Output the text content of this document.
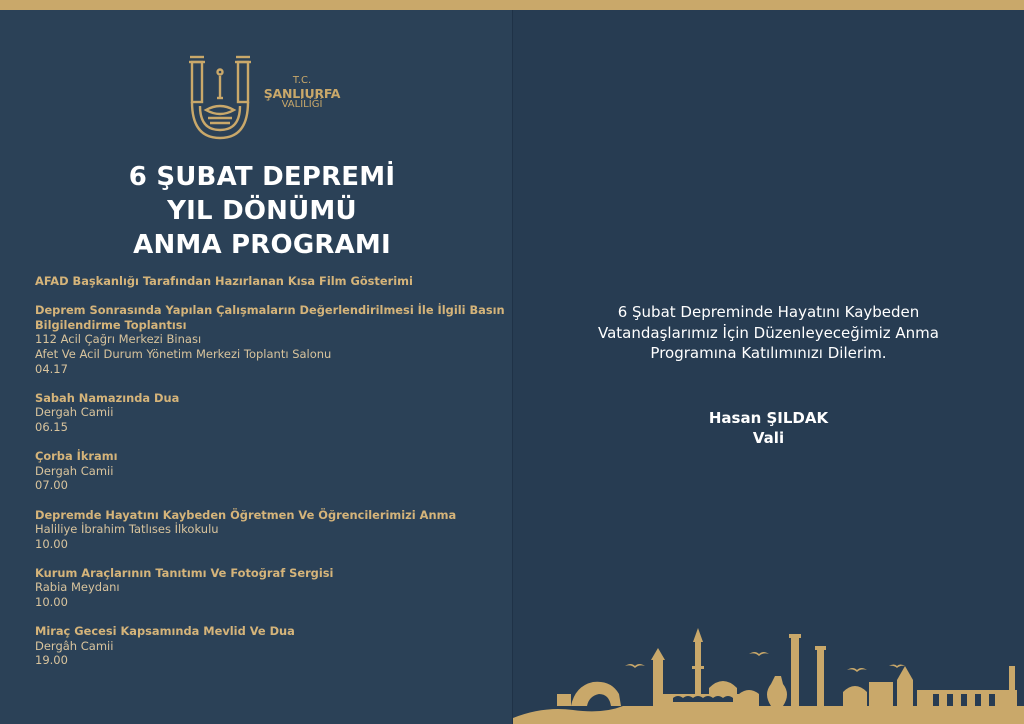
T.C.
ŞANLIURFA
VALİLİĞİ
6 ŞUBAT DEPREMİ
YIL DÖNÜMÜ
ANMA PROGRAMI
AFAD Başkanlığı Tarafından Hazırlanan Kısa Film Gösterimi
Deprem Sonrasında Yapılan Çalışmaların Değerlendirilmesi İle İlgili Basın Bilgilendirme Toplantısı
112 Acil Çağrı Merkezi Binası
Afet Ve Acil Durum Yönetim Merkezi Toplantı Salonu
04.17
Sabah Namazında Dua
Dergah Camii
06.15
Çorba İkramı
Dergah Camii
07.00
Depremde Hayatını Kaybeden Öğretmen Ve Öğrencilerimizi Anma
Haliliye İbrahim Tatlıses İlkokulu
10.00
Kurum Araçlarının Tanıtımı Ve Fotoğraf Sergisi
Rabia Meydanı
10.00
Miraç Gecesi Kapsamında Mevlid Ve Dua
Dergâh Camii
19.00
6 Şubat Depreminde Hayatını Kaybeden
Vatandaşlarımız İçin Düzenleyeceğimiz Anma
Programına Katılımınızı Dilerim.
Hasan ŞILDAK
Vali
